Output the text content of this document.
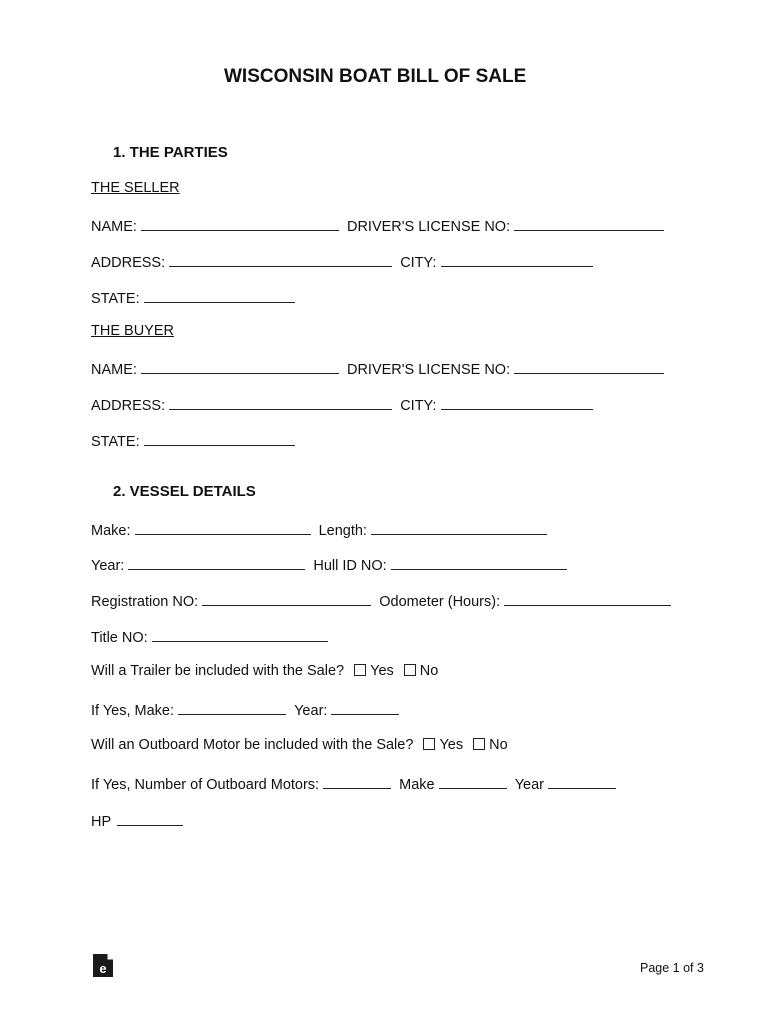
WISCONSIN BOAT BILL OF SALE
1. THE PARTIES
THE SELLER
NAME:	DRIVER'S LICENSE NO:
ADDRESS:	CITY:
STATE:
THE BUYER
NAME:	DRIVER'S LICENSE NO:
ADDRESS:	CITY:
STATE:
2. VESSEL DETAILS
Make:	Length:
Year:	Hull ID NO:
Registration NO:	Odometer (Hours):
Title NO:
Will a Trailer be included with the Sale? Yes No
If Yes, Make:	Year:
Will an Outboard Motor be included with the Sale? Yes No
If Yes, Number of Outboard Motors:	Make	Year
HP
e	Page 1 of 3
